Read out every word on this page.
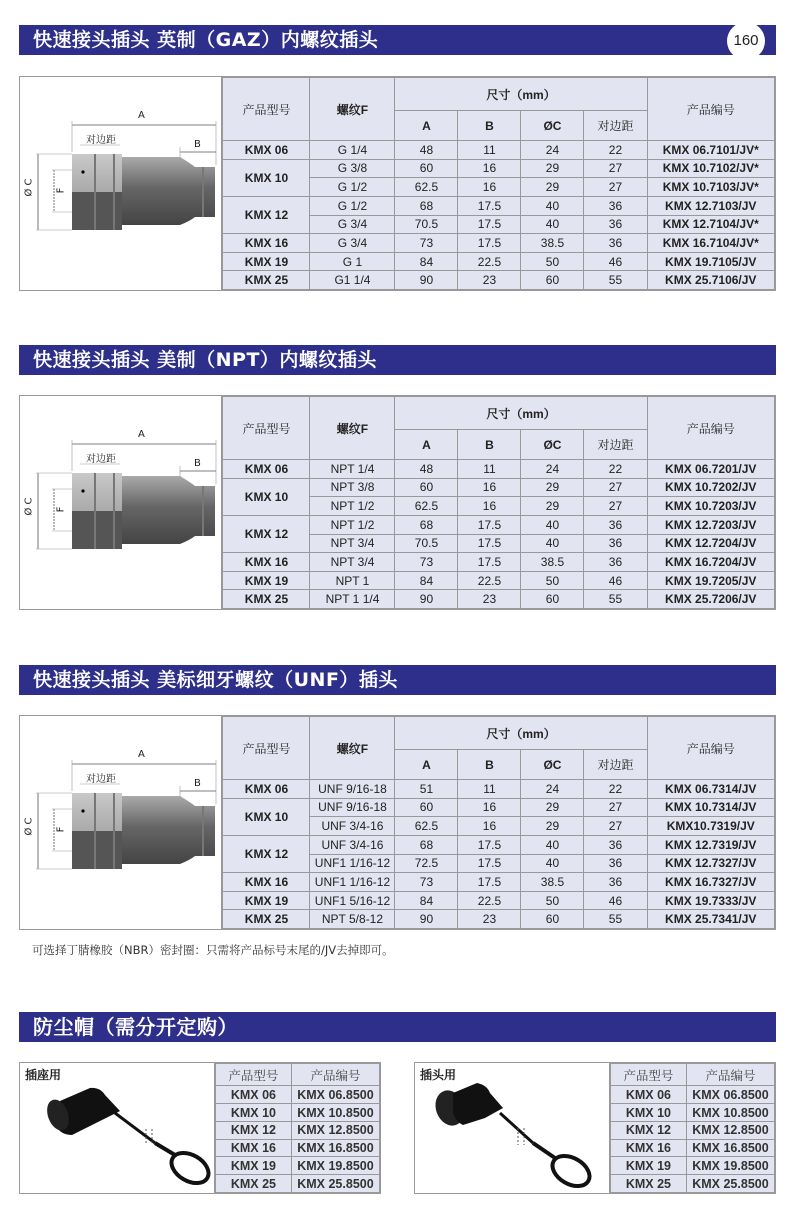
快速接头插头 英制（GAZ）内螺纹插头	160
A
对边距	B
Ø C F
产品型号	螺纹F	尺寸（mm）				产品编号
		A	B	ØC	对边距	
KMX 06	G 1/4	48	11	24	22	KMX 06.7101/JV*
KMX 10	G 3/8	60	16	29	27	KMX 10.7102/JV*
	G 1/2	62.5	16	29	27	KMX 10.7103/JV*
KMX 12	G 1/2	68	17.5	40	36	KMX 12.7103/JV
	G 3/4	70.5	17.5	40	36	KMX 12.7104/JV*
KMX 16	G 3/4	73	17.5	38.5	36	KMX 16.7104/JV*
KMX 19	G 1	84	22.5	50	46	KMX 19.7105/JV
KMX 25	G1 1/4	90	23	60	55	KMX 25.7106/JV
快速接头插头 美制（NPT）内螺纹插头
A
对边距	B
Ø C F
产品型号	螺纹F	尺寸（mm）				产品编号
		A	B	ØC	对边距	
KMX 06	NPT 1/4	48	11	24	22	KMX 06.7201/JV
KMX 10	NPT 3/8	60	16	29	27	KMX 10.7202/JV
	NPT 1/2	62.5	16	29	27	KMX 10.7203/JV
KMX 12	NPT 1/2	68	17.5	40	36	KMX 12.7203/JV
	NPT 3/4	70.5	17.5	40	36	KMX 12.7204/JV
KMX 16	NPT 3/4	73	17.5	38.5	36	KMX 16.7204/JV
KMX 19	NPT 1	84	22.5	50	46	KMX 19.7205/JV
KMX 25	NPT 1 1/4	90	23	60	55	KMX 25.7206/JV
快速接头插头 美标细牙螺纹（UNF）插头
A
对边距	B
Ø C F
产品型号	螺纹F	尺寸（mm）				产品编号
		A	B	ØC	对边距	
KMX 06	UNF 9/16-18	51	11	24	22	KMX 06.7314/JV
KMX 10	UNF 9/16-18	60	16	29	27	KMX 10.7314/JV
	UNF 3/4-16	62.5	16	29	27	KMX10.7319/JV
KMX 12	UNF 3/4-16	68	17.5	40	36	KMX 12.7319/JV
	UNF1 1/16-12	72.5	17.5	40	36	KMX 12.7327/JV
KMX 16	UNF1 1/16-12	73	17.5	38.5	36	KMX 16.7327/JV
KMX 19	UNF1 5/16-12	84	22.5	50	46	KMX 19.7333/JV
KMX 25	NPT 5/8-12	90	23	60	55	KMX 25.7341/JV
可选择丁腈橡胶（NBR）密封圈：只需将产品标号末尾的/JV去掉即可。
防尘帽（需分开定购）
插座用	产品型号	产品编号
KMX 06	KMX 06.8500
KMX 10	KMX 10.8500
KMX 12	KMX 12.8500
KMX 16	KMX 16.8500
KMX 19	KMX 19.8500
KMX 25	KMX 25.8500
插头用	产品型号	产品编号
KMX 06	KMX 06.8500
KMX 10	KMX 10.8500
KMX 12	KMX 12.8500
KMX 16	KMX 16.8500
KMX 19	KMX 19.8500
KMX 25	KMX 25.8500
